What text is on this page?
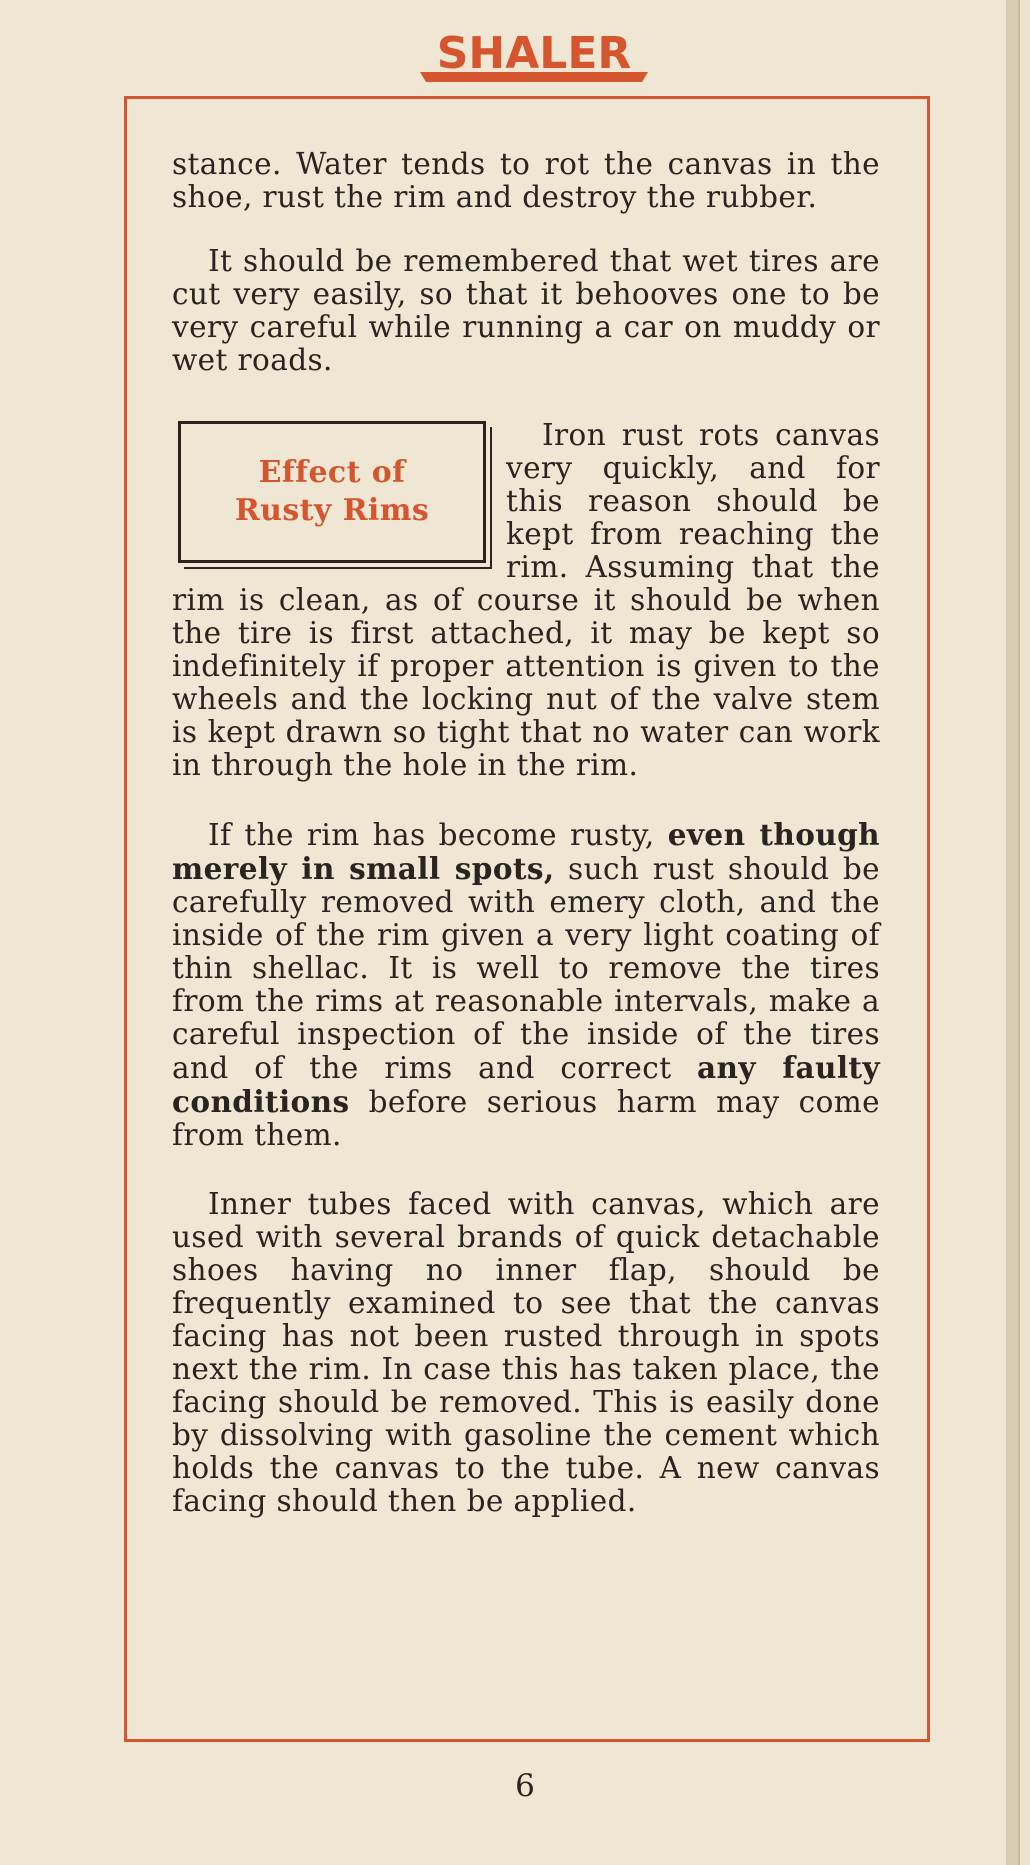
SHALER

stance. Water tends to rot the canvas in the shoe, rust the rim and destroy the rubber.

It should be remembered that wet tires are cut very easily, so that it behooves one to be very careful while running a car on muddy or wet roads.

Effect of
Rusty Rims

Iron rust rots canvas very quickly, and for this reason should be kept from reaching the rim. Assuming that the rim is clean, as of course it should be when the tire is first attached, it may be kept so indefinitely if proper attention is given to the wheels and the locking nut of the valve stem is kept drawn so tight that no water can work in through the hole in the rim.

If the rim has become rusty, even though merely in small spots, such rust should be carefully removed with emery cloth, and the inside of the rim given a very light coating of thin shellac. It is well to remove the tires from the rims at reasonable intervals, make a careful inspection of the inside of the tires and of the rims and correct any faulty conditions before serious harm may come from them.

Inner tubes faced with canvas, which are used with several brands of quick detachable shoes having no inner flap, should be frequently examined to see that the canvas facing has not been rusted through in spots next the rim. In case this has taken place, the facing should be removed. This is easily done by dissolving with gasoline the cement which holds the canvas to the tube. A new canvas facing should then be applied.

6
